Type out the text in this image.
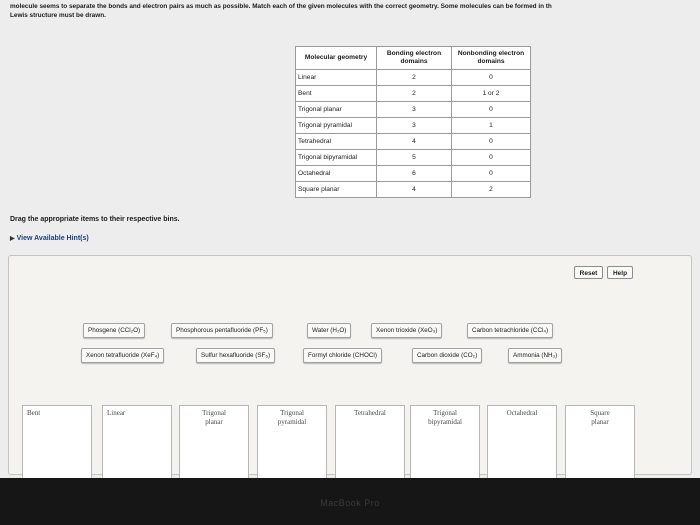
molecule seems to separate the bonds and electron pairs as much as possible. Match each of the given molecules with the correct geometry. Some molecules can be formed in th
Lewis structure must be drawn.
Molecular geometry	Bonding electron domains	Nonbonding electron domains
Linear	2	0
Bent	2	1 or 2
Trigonal planar	3	0
Trigonal pyramidal	3	1
Tetrahedral	4	0
Trigonal bipyramidal	5	0
Octahedral	6	0
Square planar	4	2
Drag the appropriate items to their respective bins.
▶ View Available Hint(s)
Reset	Help
Phosgene (CCl₂O)	Phosphorous pentafluoride (PF₅)	Water (H₂O)	Xenon trioxide (XeO₃)	Carbon tetrachloride (CCl₄)
Xenon tetrafluoride (XeF₄)	Sulfur hexafluoride (SF₆)	Formyl chloride (CHOCl)	Carbon dioxide (CO₂)	Ammonia (NH₃)
Bent	Linear	Trigonal
planar
Trigonal
pyramidal
Tetrahedral	Trigonal
bipyramidal
Octahedral	Square
planar
MacBook Pro
